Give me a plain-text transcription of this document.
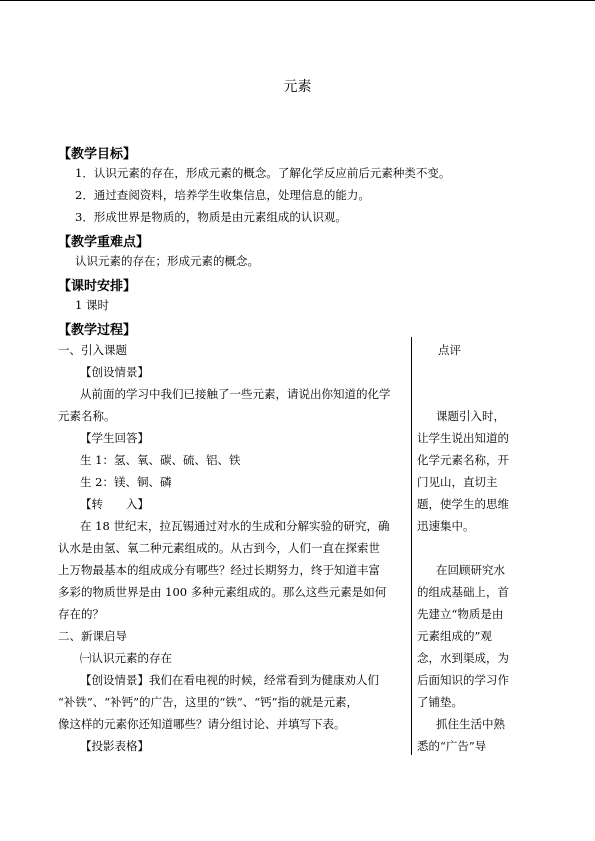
元素
【教学目标】
1．认识元素的存在，形成元素的概念。了解化学反应前后元素种类不变。
2．通过查阅资料，培养学生收集信息，处理信息的能力。
3．形成世界是物质的，物质是由元素组成的认识观。
【教学重难点】
认识元素的存在；形成元素的概念。
【课时安排】
1 课时
【教学过程】
一、引入课题
【创设情景】
从前面的学习中我们已接触了一些元素，请说出你知道的化学
元素名称。
【学生回答】
生 1：氢、氧、碳、硫、铝、铁
生 2：镁、铜、磷
【转　　入】
在 18 世纪末，拉瓦锡通过对水的生成和分解实验的研究，确
认水是由氢、氧二种元素组成的。从古到今，人们一直在探索世
上万物最基本的组成成分有哪些？经过长期努力，终于知道丰富
多彩的物质世界是由 100 多种元素组成的。那么这些元素是如何
存在的？
二、新课启导
㈠认识元素的存在
【创设情景】我们在看电视的时候，经常看到为健康劝人们
“补铁”、“补钙”的广告，这里的“铁”、“钙”指的就是元素，
像这样的元素你还知道哪些？请分组讨论、并填写下表。
【投影表格】
点评
课题引入时，
让学生说出知道的
化学元素名称，开
门见山，直切主
题，使学生的思维
迅速集中。
在回顾研究水
的组成基础上，首
先建立“物质是由
元素组成的”观
念，水到渠成，为
后面知识的学习作
了铺垫。
抓住生活中熟
悉的“广告”导
